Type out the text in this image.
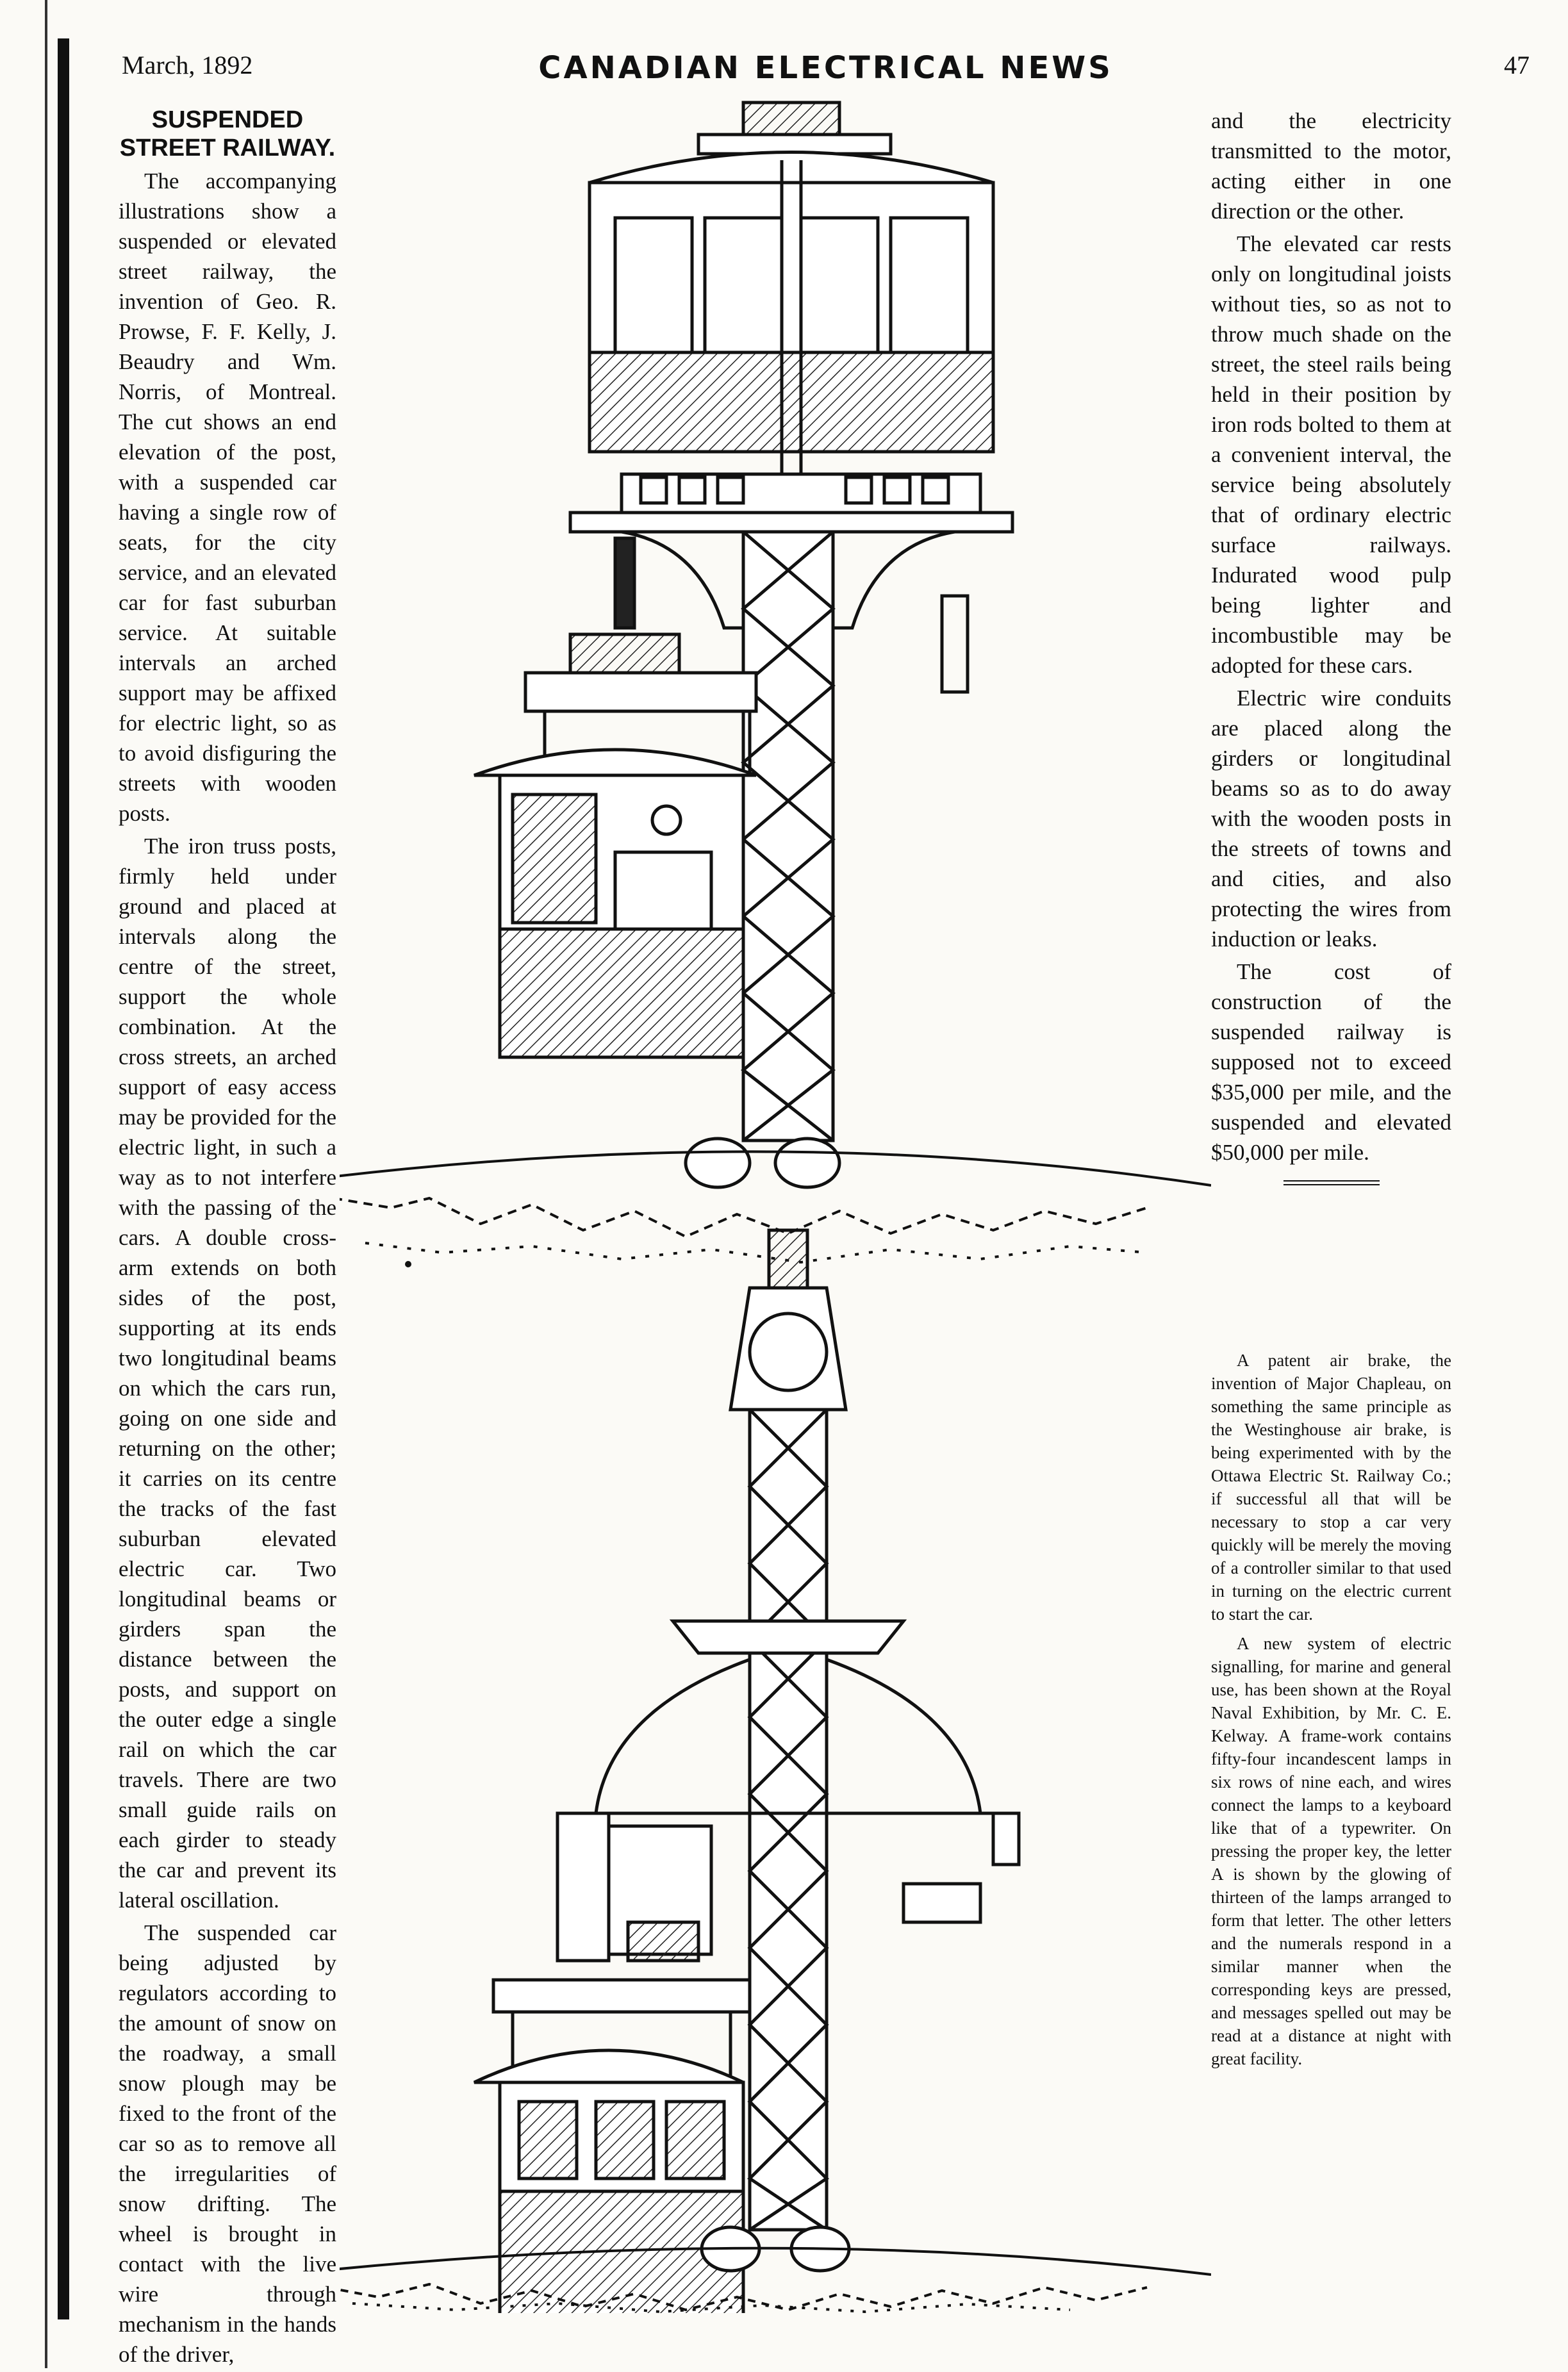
March, 1892	CANADIAN ELECTRICAL NEWS	47
SUSPENDED STREET RAILWAY.

The accompanying illustrations show a suspended or elevated street railway, the invention of Geo. R. Prowse, F. F. Kelly, J. Beaudry and Wm. Norris, of Montreal. The cut shows an end elevation of the post, with a suspended car having a single row of seats, for the city service, and an elevated car for fast suburban service. At suitable intervals an arched support may be affixed for electric light, so as to avoid disfiguring the streets with wooden posts.

The iron truss posts, firmly held under ground and placed at intervals along the centre of the street, support the whole combination. At the cross streets, an arched support of easy access may be provided for the electric light, in such a way as to not interfere with the passing of the cars. A double cross-arm extends on both sides of the post, supporting at its ends two longitudinal beams on which the cars run, going on one side and returning on the other; it carries on its centre the tracks of the fast suburban elevated electric car. Two longitudinal beams or girders span the distance between the posts, and support on the outer edge a single rail on which the car travels. There are two small guide rails on each girder to steady the car and prevent its lateral oscillation.

The suspended car being adjusted by regulators according to the amount of snow on the roadway, a small snow plough may be fixed to the front of the car so as to remove all the irregularities of snow drifting. The wheel is brought in contact with the live wire through mechanism in the hands of the driver,

and the electricity transmitted to the motor, acting either in one direction or the other.

The elevated car rests only on longitudinal joists without ties, so as not to throw much shade on the street, the steel rails being held in their position by iron rods bolted to them at a convenient interval, the service being absolutely that of ordinary electric surface railways. Indurated wood pulp being lighter and incombustible may be adopted for these cars.

Electric wire conduits are placed along the girders or longitudinal beams so as to do away with the wooden posts in the streets of towns and and cities, and also protecting the wires from induction or leaks.

The cost of construction of the suspended railway is supposed not to exceed $35,000 per mile, and the suspended and elevated $50,000 per mile.

A patent air brake, the invention of Major Chapleau, on something the same principle as the Westinghouse air brake, is being experimented with by the Ottawa Electric St. Railway Co.; if successful all that will be necessary to stop a car very quickly will be merely the moving of a controller similar to that used in turning on the electric current to start the car.

A new system of electric signalling, for marine and general use, has been shown at the Royal Naval Exhibition, by Mr. C. E. Kelway. A frame-work contains fifty-four incandescent lamps in six rows of nine each, and wires connect the lamps to a keyboard like that of a typewriter. On pressing the proper key, the letter A is shown by the glowing of thirteen of the lamps arranged to form that letter. The other letters and the numerals respond in a similar manner when the corresponding keys are pressed, and messages spelled out may be read at a distance at night with great facility.
